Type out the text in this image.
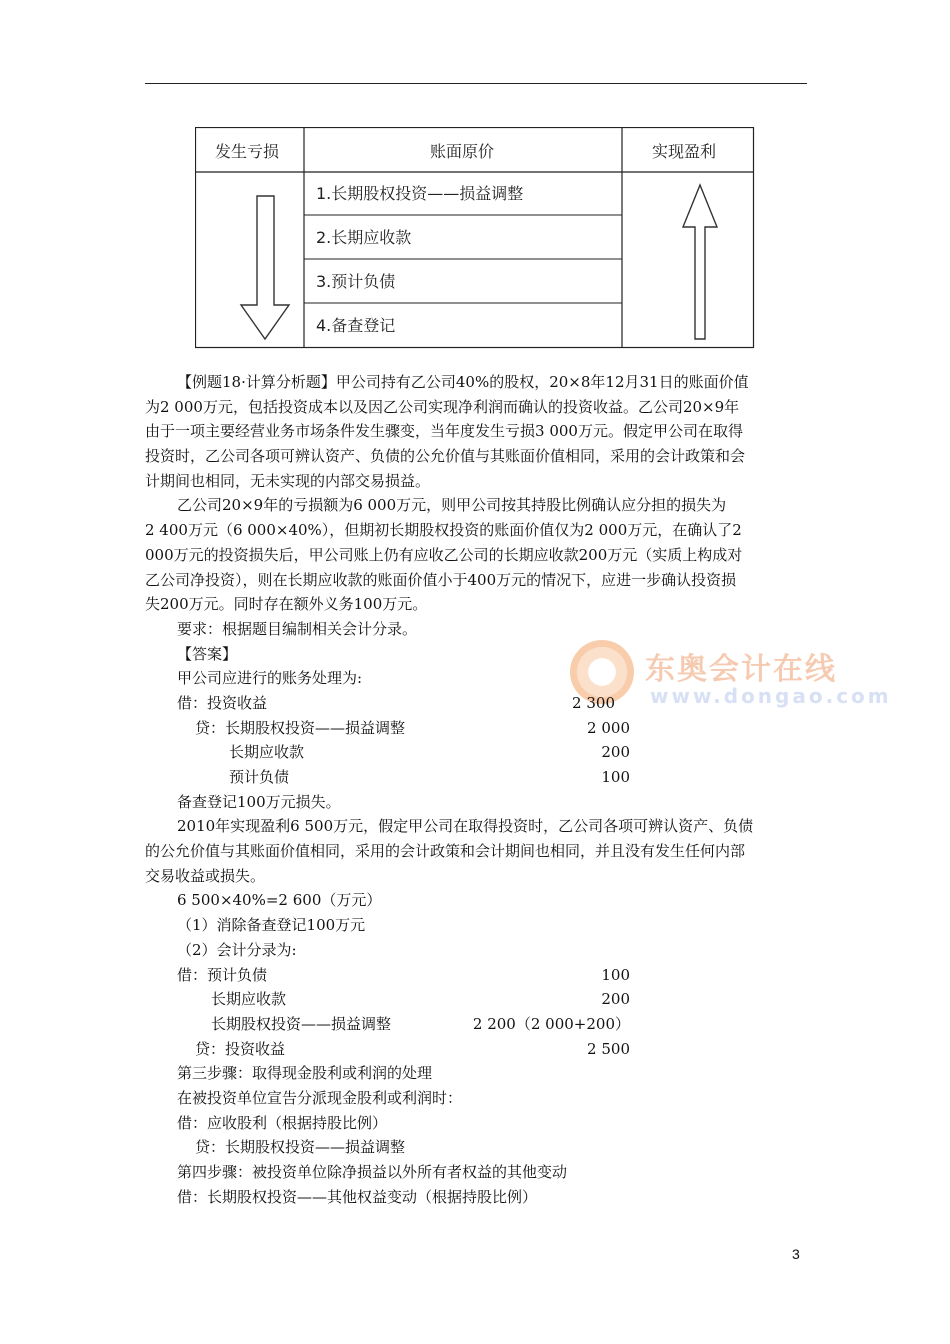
发生亏损	账面原价	实现盈利
1.长期股权投资——损益调整
2.长期应收款
3.预计负债
4.备查登记
东奥会计在线
www.dongao.com
【例题18·计算分析题】甲公司持有乙公司40%的股权，20×8年12月31日的账面价值
为2 000万元，包括投资成本以及因乙公司实现净利润而确认的投资收益。乙公司20×9年
由于一项主要经营业务市场条件发生骤变，当年度发生亏损3 000万元。假定甲公司在取得
投资时，乙公司各项可辨认资产、负债的公允价值与其账面价值相同，采用的会计政策和会
计期间也相同，无未实现的内部交易损益。
乙公司20×9年的亏损额为6 000万元，则甲公司按其持股比例确认应分担的损失为
2 400万元（6 000×40%），但期初长期股权投资的账面价值仅为2 000万元，在确认了2
000万元的投资损失后，甲公司账上仍有应收乙公司的长期应收款200万元（实质上构成对
乙公司净投资），则在长期应收款的账面价值小于400万元的情况下，应进一步确认投资损
失200万元。同时存在额外义务100万元。
要求：根据题目编制相关会计分录。
【答案】
甲公司应进行的账务处理为:
借：投资收益	2 300
贷：长期股权投资——损益调整	2 000
长期应收款	200
预计负债	100
备查登记100万元损失。
2010年实现盈利6 500万元，假定甲公司在取得投资时，乙公司各项可辨认资产、负债
的公允价值与其账面价值相同，采用的会计政策和会计期间也相同，并且没有发生任何内部
交易收益或损失。
6 500×40%=2 600（万元）
（1）消除备查登记100万元
（2）会计分录为:
借：预计负债	100
长期应收款	200
长期股权投资——损益调整	2 200（2 000+200）
贷：投资收益	2 500
第三步骤：取得现金股利或利润的处理
在被投资单位宣告分派现金股利或利润时：
借：应收股利（根据持股比例）
贷：长期股权投资——损益调整
第四步骤：被投资单位除净损益以外所有者权益的其他变动
借：长期股权投资——其他权益变动（根据持股比例）
3
